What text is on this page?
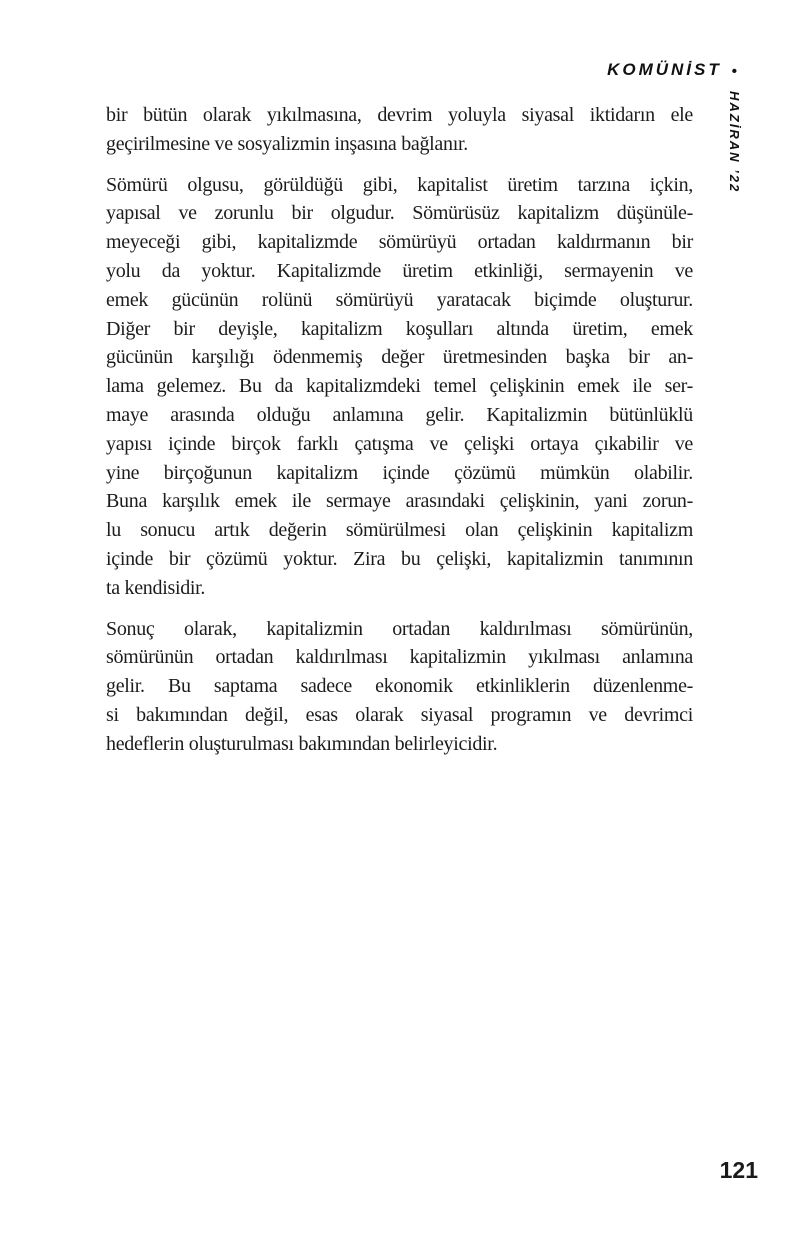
KOMÜNİST •
HAZİRAN ’22
bir bütün olarak yıkılmasına, devrim yoluyla siyasal iktidarın ele
geçirilmesine ve sosyalizmin inşasına bağlanır.
Sömürü olgusu, görüldüğü gibi, kapitalist üretim tarzına içkin,
yapısal ve zorunlu bir olgudur. Sömürüsüz kapitalizm düşünüle-
meyeceği gibi, kapitalizmde sömürüyü ortadan kaldırmanın bir
yolu da yoktur. Kapitalizmde üretim etkinliği, sermayenin ve
emek gücünün rolünü sömürüyü yaratacak biçimde oluşturur.
Diğer bir deyişle, kapitalizm koşulları altında üretim, emek
gücünün karşılığı ödenmemiş değer üretmesinden başka bir an-
lama gelemez. Bu da kapitalizmdeki temel çelişkinin emek ile ser-
maye arasında olduğu anlamına gelir. Kapitalizmin bütünlüklü
yapısı içinde birçok farklı çatışma ve çelişki ortaya çıkabilir ve
yine birçoğunun kapitalizm içinde çözümü mümkün olabilir.
Buna karşılık emek ile sermaye arasındaki çelişkinin, yani zorun-
lu sonucu artık değerin sömürülmesi olan çelişkinin kapitalizm
içinde bir çözümü yoktur. Zira bu çelişki, kapitalizmin tanımının
ta kendisidir.
Sonuç olarak, kapitalizmin ortadan kaldırılması sömürünün,
sömürünün ortadan kaldırılması kapitalizmin yıkılması anlamına
gelir. Bu saptama sadece ekonomik etkinliklerin düzenlenme-
si bakımından değil, esas olarak siyasal programın ve devrimci
hedeflerin oluşturulması bakımından belirleyicidir.
121
